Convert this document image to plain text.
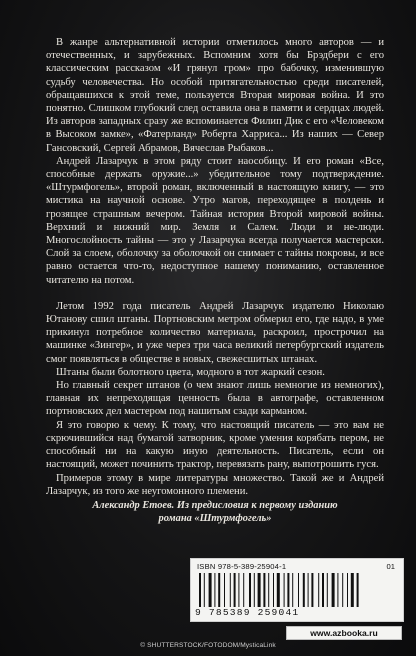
В жанре альтернативной истории отметилось много авторов — и отечественных, и зарубежных. Вспомним хотя бы Брэдбери с его классическим рассказом «И грянул гром» про бабочку, изменившую судьбу человечества. Но особой притягательностью среди писателей, обращавшихся к этой теме, пользуется Вторая мировая война. И это понятно. Слишком глубокий след оставила она в памяти и сердцах людей. Из авторов западных сразу же вспоминается Филип Дик с его «Человеком в Высоком замке», «Фатерланд» Роберта Харриса... Из наших — Север Гансовский, Сергей Абрамов, Вячеслав Рыбаков...

Андрей Лазарчук в этом ряду стоит наособицу. И его роман «Все, способные держать оружие...» убедительное тому подтверждение. «Штурмфогель», второй роман, включенный в настоящую книгу, — это мистика на научной основе. Утро магов, переходящее в полдень и грозящее страшным вечером. Тайная история Второй мировой войны. Верхний и нижний мир. Земля и Салем. Люди и не-люди. Многослойность тайны — это у Лазарчука всегда получается мастерски. Слой за слоем, оболочку за оболочкой он снимает с тайны покровы, и все равно остается что-то, недоступное нашему пониманию, оставленное читателю на потом.

Летом 1992 года писатель Андрей Лазарчук издателю Николаю Ютанову сшил штаны. Портновским метром обмерил его, где надо, в уме прикинул потребное количество материала, раскроил, прострочил на машинке «Зингер», и уже через три часа великий петербургский издатель смог появляться в обществе в новых, свежесшитых штанах.

Штаны были болотного цвета, модного в тот жаркий сезон.

Но главный секрет штанов (о чем знают лишь немногие из немногих), главная их непреходящая ценность была в автографе, оставленном портновских дел мастером под нашитым сзади карманом.

Я это говорю к чему. К тому, что настоящий писатель — это вам не скрючившийся над бумагой затворник, кроме умения корябать пером, не способный ни на какую иную деятельность. Писатель, если он настоящий, может починить трактор, перевязать рану, выпотрошить гуся.

Примеров этому в мире литературы множество. Такой же и Андрей Лазарчук, из того же неугомонного племени.

Александр Етоев. Из предисловия к первому изданию
романа «Штурмфогель»
ISBN 978-5-389-25904-1	01
9 785389 259041
www.azbooka.ru
© SHUTTERSTOCK/FOTODOM/MysticaLink
